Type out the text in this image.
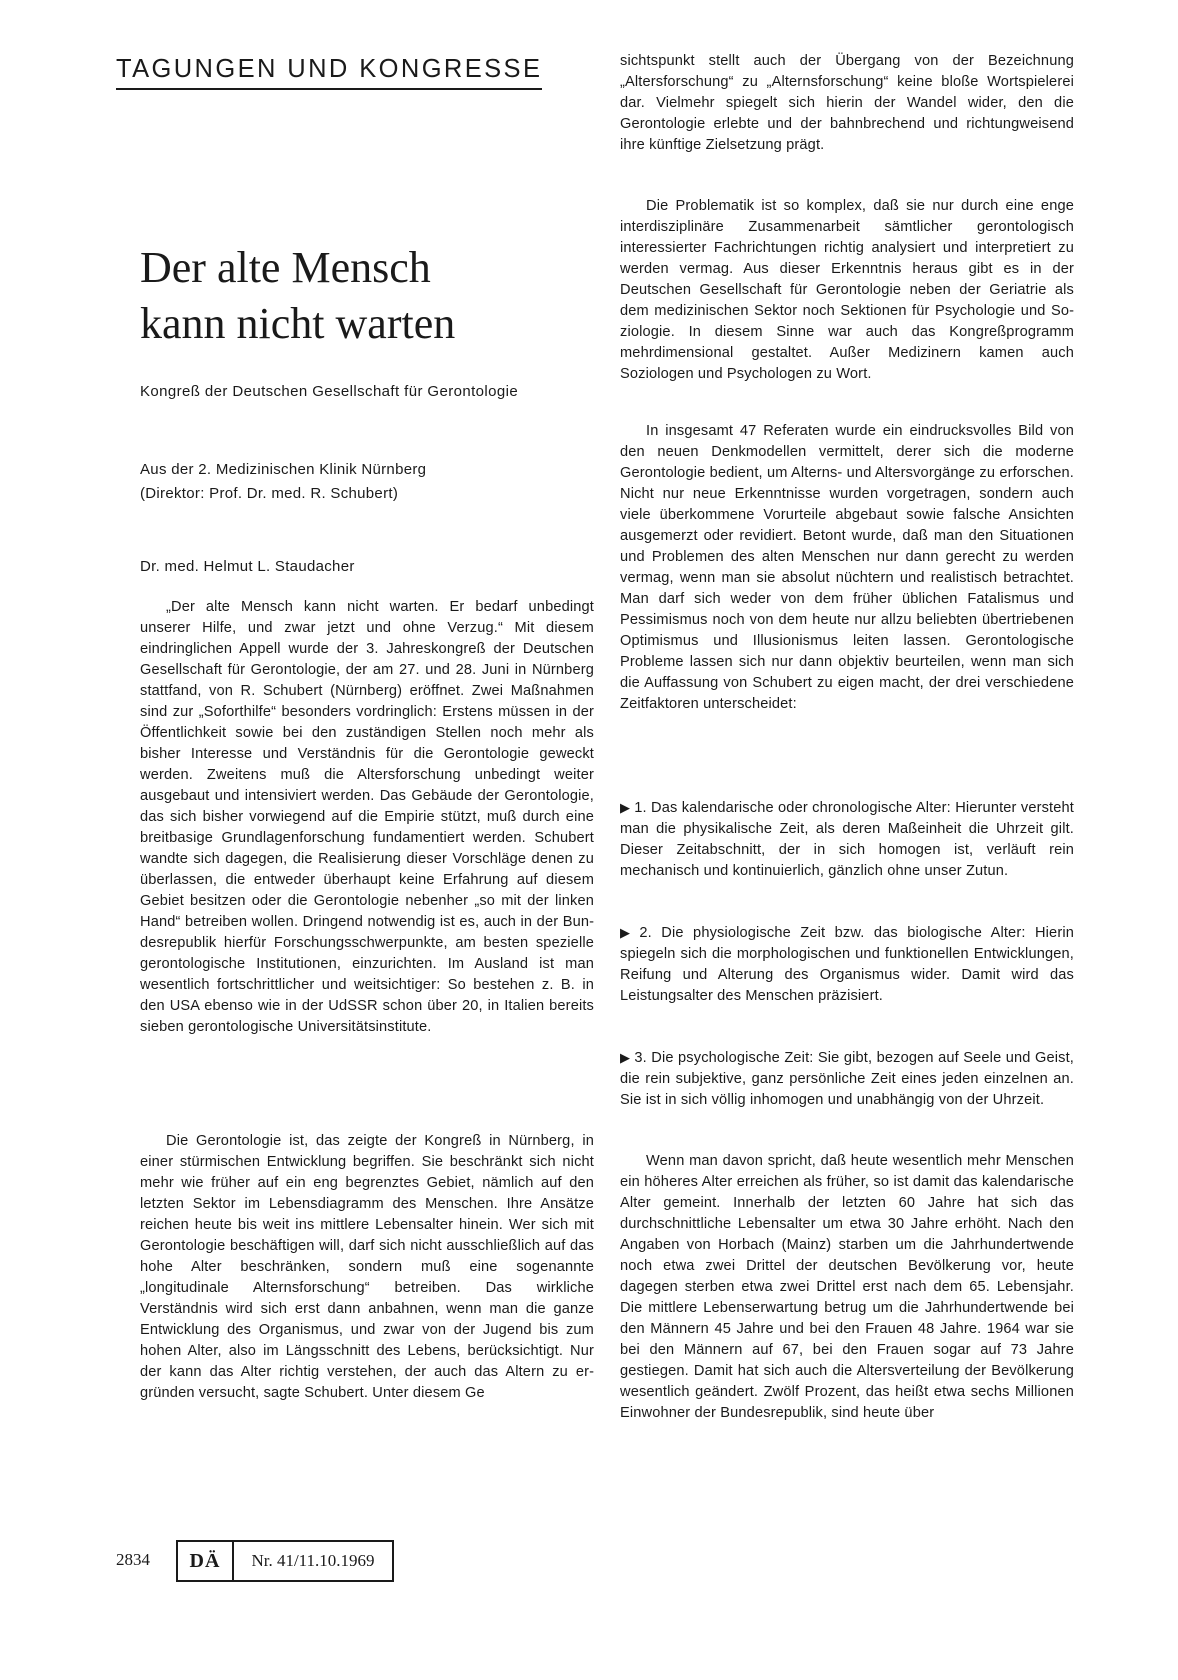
TAGUNGEN UND KONGRESSE
Der alte Mensch
kann nicht warten
Kongreß der Deutschen Gesellschaft für Gerontologie
Aus der 2. Medizinischen Klinik Nürnberg
(Direktor: Prof. Dr. med. R. Schubert)
Dr. med. Helmut L. Staudacher

„Der alte Mensch kann nicht warten. Er bedarf unbedingt unserer Hilfe, und zwar jetzt und ohne Verzug.“ Mit diesem eindringlichen Appell wurde der 3. Jahreskongreß der Deutschen Gesellschaft für Gerontologie, der am 27. und 28. Juni in Nürnberg stattfand, von R. Schubert (Nürnberg) eröffnet. Zwei Maßnahmen sind zur „Soforthilfe“ besonders vordringlich: Erstens müssen in der Öffentlichkeit sowie bei den zuständigen Stellen noch mehr als bisher Interesse und Verständnis für die Gerontologie geweckt werden. Zweitens muß die Altersforschung unbedingt weiter ausgebaut und intensiviert werden. Das Gebäude der Gerontologie, das sich bisher vorwiegend auf die Empirie stützt, muß durch eine breitbasige Grundlagenforschung fundamentiert werden. Schubert wandte sich dagegen, die Realisierung dieser Vorschläge denen zu überlassen, die entweder überhaupt keine Erfahrung auf diesem Gebiet besitzen oder die Gerontologie nebenher „so mit der linken Hand“ betreiben wollen. Dringend notwendig ist es, auch in der Bundesrepublik hierfür Forschungsschwerpunkte, am besten spezielle gerontologische Institutionen, einzurichten. Im Ausland ist man wesentlich fortschrittlicher und weitsichtiger: So bestehen z. B. in den USA ebenso wie in der UdSSR schon über 20, in Italien bereits sieben gerontologische Universitätsinstitute.

Die Gerontologie ist, das zeigte der Kongreß in Nürnberg, in einer stürmischen Entwicklung begriffen. Sie beschränkt sich nicht mehr wie früher auf ein eng begrenztes Gebiet, nämlich auf den letzten Sektor im Lebensdiagramm des Menschen. Ihre Ansätze reichen heute bis weit ins mittlere Lebensalter hinein. Wer sich mit Gerontologie beschäftigen will, darf sich nicht ausschließlich auf das hohe Alter beschränken, sondern muß eine sogenannte „longitudinale Alternsforschung“ betreiben. Das wirkliche Verständnis wird sich erst dann anbahnen, wenn man die ganze Entwicklung des Organismus, und zwar von der Jugend bis zum hohen Alter, also im Längsschnitt des Lebens, berücksichtigt. Nur der kann das Alter richtig verstehen, der auch das Altern zu ergründen versucht, sagte Schubert. Unter diesem Ge

sichtspunkt stellt auch der Übergang von der Bezeichnung „Altersforschung“ zu „Alternsforschung“ keine bloße Wortspielerei dar. Vielmehr spiegelt sich hierin der Wandel wider, den die Gerontologie erlebte und der bahnbrechend und richtungweisend ihre künftige Zielsetzung prägt.

Die Problematik ist so komplex, daß sie nur durch eine enge interdisziplinäre Zusammenarbeit sämtlicher gerontologisch interessierter Fachrichtungen richtig analysiert und interpretiert zu werden vermag. Aus dieser Erkenntnis heraus gibt es in der Deutschen Gesellschaft für Gerontologie neben der Geriatrie als dem medizinischen Sektor noch Sektionen für Psychologie und Soziologie. In diesem Sinne war auch das Kongreßprogramm mehrdimensional gestaltet. Außer Medizinern kamen auch Soziologen und Psychologen zu Wort.

In insgesamt 47 Referaten wurde ein eindrucksvolles Bild von den neuen Denkmodellen vermittelt, derer sich die moderne Gerontologie bedient, um Alterns- und Altersvorgänge zu erforschen. Nicht nur neue Erkenntnisse wurden vorgetragen, sondern auch viele überkommene Vorurteile abgebaut sowie falsche Ansichten ausgemerzt oder revidiert. Betont wurde, daß man den Situationen und Problemen des alten Menschen nur dann gerecht zu werden vermag, wenn man sie absolut nüchtern und realistisch betrachtet. Man darf sich weder von dem früher üblichen Fatalismus und Pessimismus noch von dem heute nur allzu beliebten übertriebenen Optimismus und Illusionismus leiten lassen. Gerontologische Probleme lassen sich nur dann objektiv beurteilen, wenn man sich die Auffassung von Schubert zu eigen macht, der drei verschiedene Zeitfaktoren unterscheidet:

▶ 1. Das kalendarische oder chronologische Alter: Hierunter versteht man die physikalische Zeit, als deren Maßeinheit die Uhrzeit gilt. Dieser Zeitabschnitt, der in sich homogen ist, verläuft rein mechanisch und kontinuierlich, gänzlich ohne unser Zutun.

▶ 2. Die physiologische Zeit bzw. das biologische Alter: Hierin spiegeln sich die morphologischen und funktionellen Entwicklungen, Reifung und Alterung des Organismus wider. Damit wird das Leistungsalter des Menschen präzisiert.

▶ 3. Die psychologische Zeit: Sie gibt, bezogen auf Seele und Geist, die rein subjektive, ganz persönliche Zeit eines jeden einzelnen an. Sie ist in sich völlig inhomogen und unabhängig von der Uhrzeit.

Wenn man davon spricht, daß heute wesentlich mehr Menschen ein höheres Alter erreichen als früher, so ist damit das kalendarische Alter gemeint. Innerhalb der letzten 60 Jahre hat sich das durchschnittliche Lebensalter um etwa 30 Jahre erhöht. Nach den Angaben von Horbach (Mainz) starben um die Jahrhundertwende noch etwa zwei Drittel der deutschen Bevölkerung vor, heute dagegen sterben etwa zwei Drittel erst nach dem 65. Lebensjahr. Die mittlere Lebenserwartung betrug um die Jahrhundertwende bei den Männern 45 Jahre und bei den Frauen 48 Jahre. 1964 war sie bei den Männern auf 67, bei den Frauen sogar auf 73 Jahre gestiegen. Damit hat sich auch die Altersverteilung der Bevölkerung wesentlich geändert. Zwölf Prozent, das heißt etwa sechs Millionen Einwohner der Bundesrepublik, sind heute über

2834	DÄ	Nr. 41/11.10.1969
